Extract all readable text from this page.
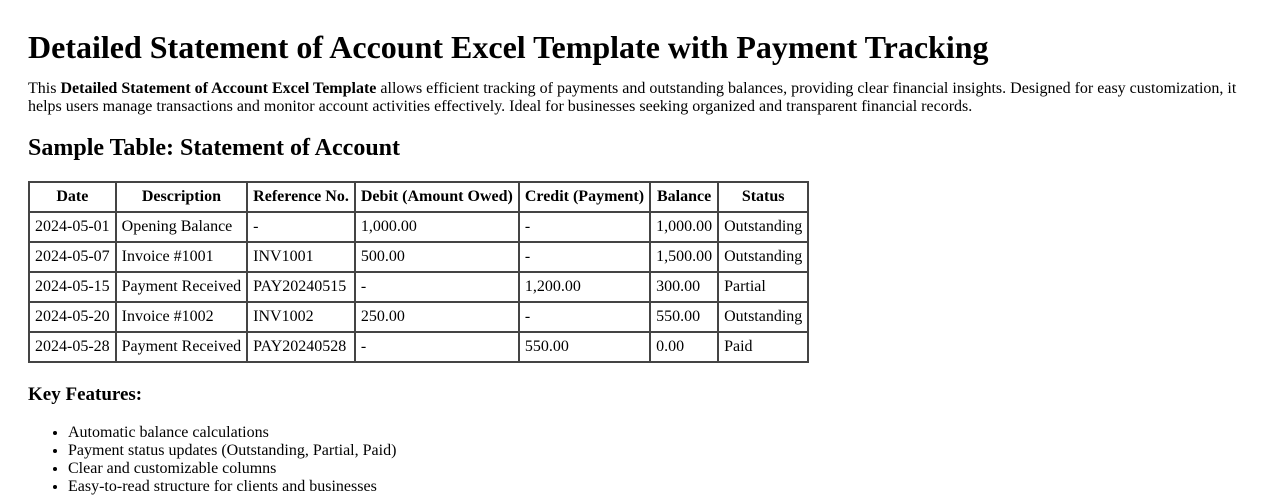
Detailed Statement of Account Excel Template with Payment Tracking

This Detailed Statement of Account Excel Template allows efficient tracking of payments and outstanding balances, providing clear financial insights. Designed for easy customization, it helps users manage transactions and monitor account activities effectively. Ideal for businesses seeking organized and transparent financial records.

Sample Table: Statement of Account
Date	Description	Reference No.	Debit (Amount Owed)	Credit (Payment)	Balance	Status
2024-05-01	Opening Balance	-	1,000.00	-	1,000.00	Outstanding
2024-05-07	Invoice #1001	INV1001	500.00	-	1,500.00	Outstanding
2024-05-15	Payment Received	PAY20240515	-	1,200.00	300.00	Partial
2024-05-20	Invoice #1002	INV1002	250.00	-	550.00	Outstanding
2024-05-28	Payment Received	PAY20240528	-	550.00	0.00	Paid
Key Features:
• Automatic balance calculations
• Payment status updates (Outstanding, Partial, Paid)
• Clear and customizable columns
• Easy-to-read structure for clients and businesses
